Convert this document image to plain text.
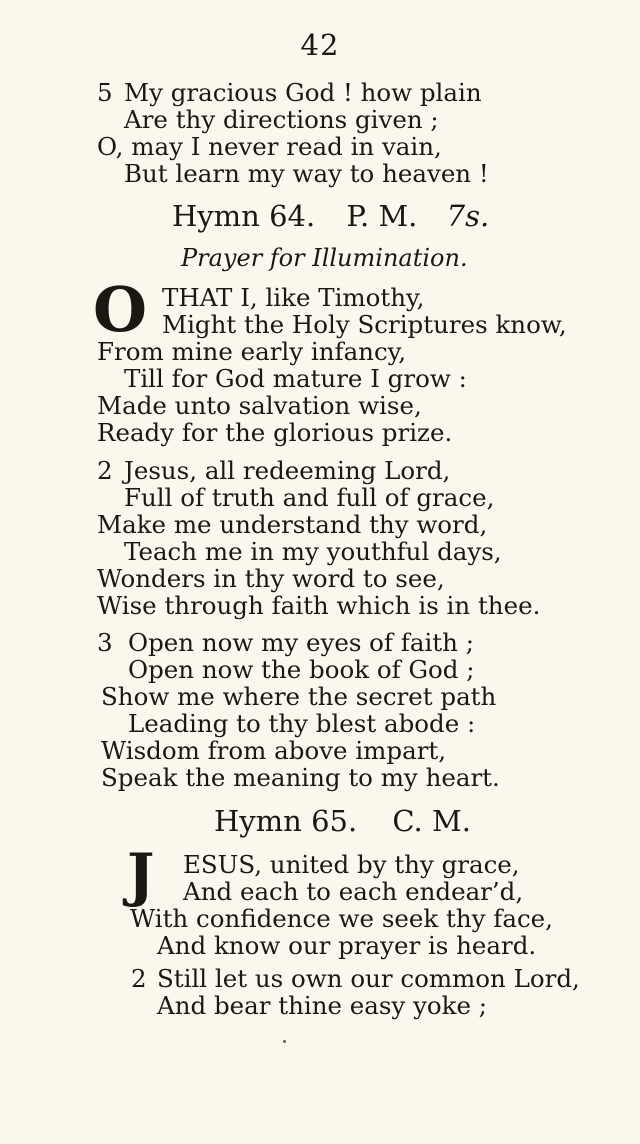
42
5 My gracious God ! how plain
Are thy directions given ;
O, may I never read in vain,
But learn my way to heaven !
Hymn 64. P. M. 7s.
Prayer for Illumination.
O THAT I, like Timothy,
Might the Holy Scriptures know,
From mine early infancy,
Till for God mature I grow :
Made unto salvation wise,
Ready for the glorious prize.
2 Jesus, all redeeming Lord,
Full of truth and full of grace,
Make me understand thy word,
Teach me in my youthful days,
Wonders in thy word to see,
Wise through faith which is in thee.
3 Open now my eyes of faith ;
Open now the book of God ;
Show me where the secret path
Leading to thy blest abode :
Wisdom from above impart,
Speak the meaning to my heart.
Hymn 65. C. M.
J ESUS, united by thy grace,
And each to each endear’d,
With confidence we seek thy face,
And know our prayer is heard.
2 Still let us own our common Lord,
And bear thine easy yoke ;
